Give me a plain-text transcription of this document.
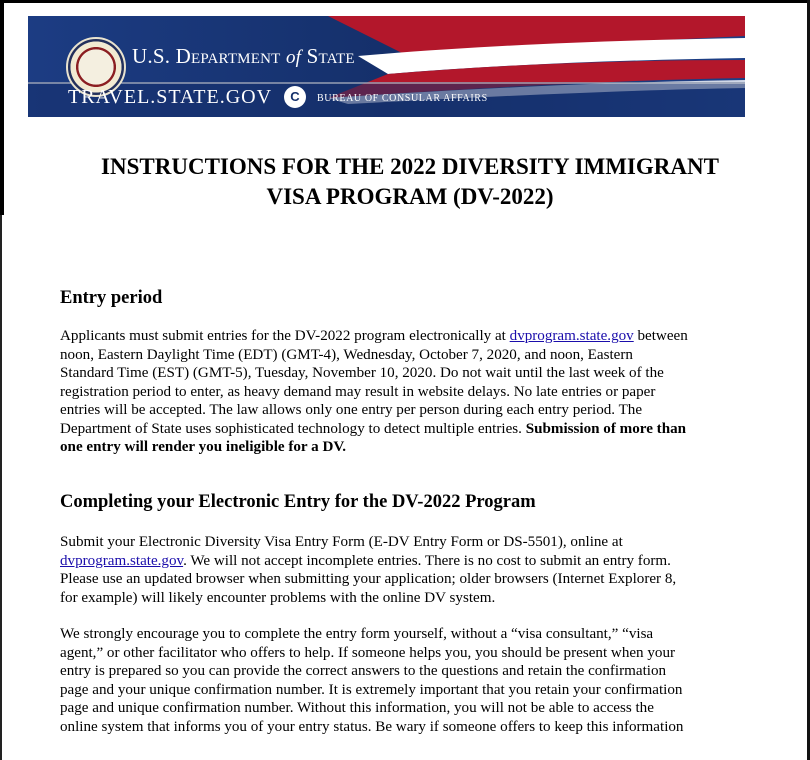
U.S. Department of State
TRAVEL.STATE.GOV	C	BUREAU OF CONSULAR AFFAIRS
INSTRUCTIONS FOR THE 2022 DIVERSITY IMMIGRANT
VISA PROGRAM (DV-2022)
Entry period

Applicants must submit entries for the DV-2022 program electronically at dvprogram.state.gov between
noon, Eastern Daylight Time (EDT) (GMT-4), Wednesday, October 7, 2020, and noon, Eastern
Standard Time (EST) (GMT-5), Tuesday, November 10, 2020. Do not wait until the last week of the
registration period to enter, as heavy demand may result in website delays. No late entries or paper
entries will be accepted. The law allows only one entry per person during each entry period. The
Department of State uses sophisticated technology to detect multiple entries. Submission of more than
one entry will render you ineligible for a DV.

Completing your Electronic Entry for the DV-2022 Program

Submit your Electronic Diversity Visa Entry Form (E-DV Entry Form or DS-5501), online at
dvprogram.state.gov. We will not accept incomplete entries. There is no cost to submit an entry form.
Please use an updated browser when submitting your application; older browsers (Internet Explorer 8,
for example) will likely encounter problems with the online DV system.

We strongly encourage you to complete the entry form yourself, without a “visa consultant,” “visa
agent,” or other facilitator who offers to help. If someone helps you, you should be present when your
entry is prepared so you can provide the correct answers to the questions and retain the confirmation
page and your unique confirmation number. It is extremely important that you retain your confirmation
page and unique confirmation number. Without this information, you will not be able to access the
online system that informs you of your entry status. Be wary if someone offers to keep this information
